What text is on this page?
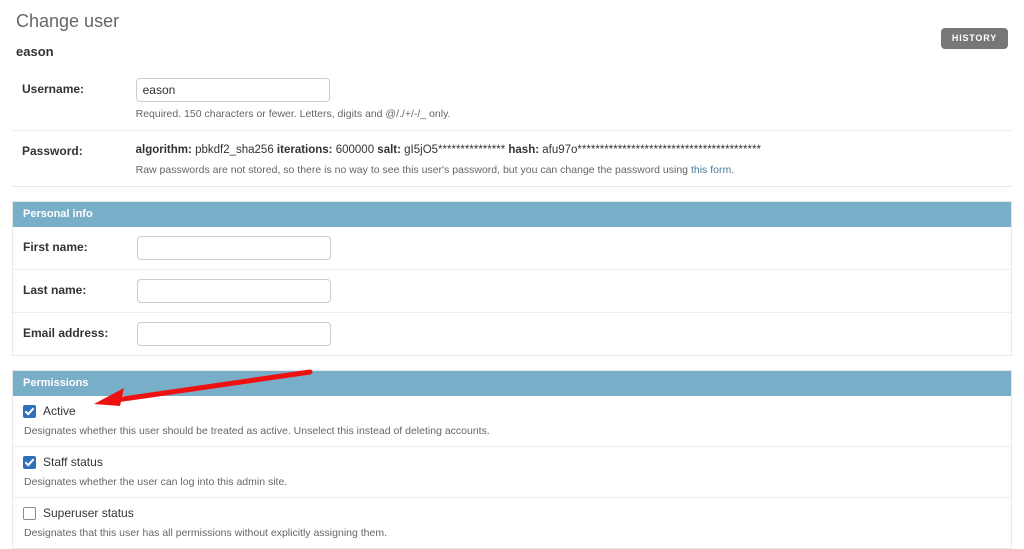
Change user
eason
HISTORY
Username: eason
Required. 150 characters or fewer. Letters, digits and @/./+/-/_ only.
Password:	algorithm: pbkdf2_sha256 iterations: 600000 salt: gI5jO5*************** hash: afu97o*****************************************
Raw passwords are not stored, so there is no way to see this user's password, but you can change the password using this form.
Personal info
First name:
Last name:
Email address:
Permissions
Active
Designates whether this user should be treated as active. Unselect this instead of deleting accounts.
Staff status
Designates whether the user can log into this admin site.
Superuser status
Designates that this user has all permissions without explicitly assigning them.
